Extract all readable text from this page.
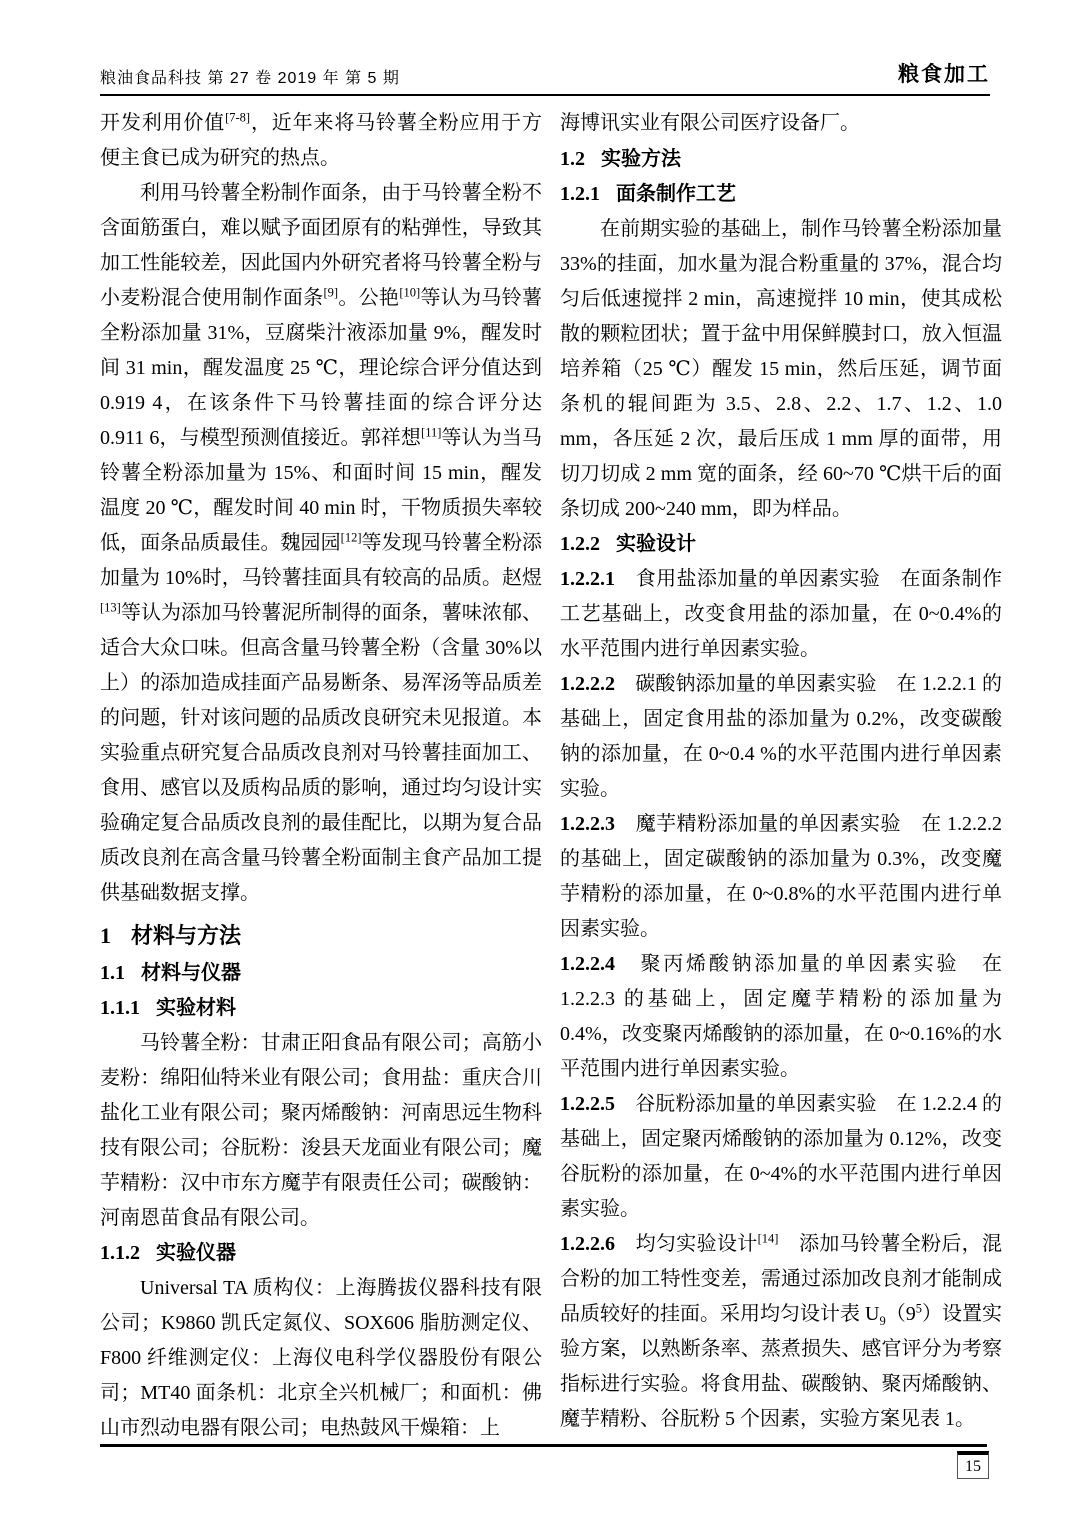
粮油食品科技 第 27 卷 2019 年 第 5 期	粮食加工

开发利用价值[7-8]，近年来将马铃薯全粉应用于方便主食已成为研究的热点。

利用马铃薯全粉制作面条，由于马铃薯全粉不含面筋蛋白，难以赋予面团原有的粘弹性，导致其加工性能较差，因此国内外研究者将马铃薯全粉与小麦粉混合使用制作面条[9]。公艳[10]等认为马铃薯全粉添加量 31%，豆腐柴汁液添加量 9%，醒发时间 31 min，醒发温度 25 ℃，理论综合评分值达到 0.919 4，在该条件下马铃薯挂面的综合评分达 0.911 6，与模型预测值接近。郭祥想[11]等认为当马铃薯全粉添加量为 15%、和面时间 15 min，醒发温度 20 ℃，醒发时间 40 min 时，干物质损失率较低，面条品质最佳。魏园园[12]等发现马铃薯全粉添加量为 10%时，马铃薯挂面具有较高的品质。赵煜[13]等认为添加马铃薯泥所制得的面条，薯味浓郁、适合大众口味。但高含量马铃薯全粉（含量 30%以上）的添加造成挂面产品易断条、易浑汤等品质差的问题，针对该问题的品质改良研究未见报道。本实验重点研究复合品质改良剂对马铃薯挂面加工、食用、感官以及质构品质的影响，通过均匀设计实验确定复合品质改良剂的最佳配比，以期为复合品质改良剂在高含量马铃薯全粉面制主食产品加工提供基础数据支撑。

1 材料与方法
1.1 材料与仪器
1.1.1 实验材料

马铃薯全粉：甘肃正阳食品有限公司；高筋小麦粉：绵阳仙特米业有限公司；食用盐：重庆合川盐化工业有限公司；聚丙烯酸钠：河南思远生物科技有限公司；谷朊粉：浚县天龙面业有限公司；魔芋精粉：汉中市东方魔芋有限责任公司；碳酸钠：河南恩苗食品有限公司。

1.1.2 实验仪器

Universal TA 质构仪：上海腾拔仪器科技有限公司；K9860 凯氏定氮仪、SOX606 脂肪测定仪、F800 纤维测定仪：上海仪电科学仪器股份有限公司；MT40 面条机：北京全兴机械厂；和面机：佛山市烈动电器有限公司；电热鼓风干燥箱：上

海博讯实业有限公司医疗设备厂。

1.2 实验方法
1.2.1 面条制作工艺

在前期实验的基础上，制作马铃薯全粉添加量 33%的挂面，加水量为混合粉重量的 37%，混合均匀后低速搅拌 2 min，高速搅拌 10 min，使其成松散的颗粒团状；置于盆中用保鲜膜封口，放入恒温培养箱（25 ℃）醒发 15 min，然后压延，调节面条机的辊间距为 3.5、2.8、2.2、1.7、1.2、1.0 mm，各压延 2 次，最后压成 1 mm 厚的面带，用切刀切成 2 mm 宽的面条，经 60~70 ℃烘干后的面条切成 200~240 mm，即为样品。

1.2.2 实验设计

1.2.2.1　食用盐添加量的单因素实验　在面条制作工艺基础上，改变食用盐的添加量，在 0~0.4%的水平范围内进行单因素实验。

1.2.2.2　碳酸钠添加量的单因素实验　在 1.2.2.1 的基础上，固定食用盐的添加量为 0.2%，改变碳酸钠的添加量，在 0~0.4 %的水平范围内进行单因素实验。

1.2.2.3　魔芋精粉添加量的单因素实验　在 1.2.2.2 的基础上，固定碳酸钠的添加量为 0.3%，改变魔芋精粉的添加量，在 0~0.8%的水平范围内进行单因素实验。

1.2.2.4　聚丙烯酸钠添加量的单因素实验　在 1.2.2.3 的基础上，固定魔芋精粉的添加量为 0.4%，改变聚丙烯酸钠的添加量，在 0~0.16%的水平范围内进行单因素实验。

1.2.2.5　谷朊粉添加量的单因素实验　在 1.2.2.4 的基础上，固定聚丙烯酸钠的添加量为 0.12%，改变谷朊粉的添加量，在 0~4%的水平范围内进行单因素实验。

1.2.2.6　均匀实验设计[14]　添加马铃薯全粉后，混合粉的加工特性变差，需通过添加改良剂才能制成品质较好的挂面。采用均匀设计表 $U_9(9^5)$设置实验方案，以熟断条率、蒸煮损失、感官评分为考察指标进行实验。将食用盐、碳酸钠、聚丙烯酸钠、魔芋精粉、谷朊粉 5 个因素，实验方案见表 1。

15
